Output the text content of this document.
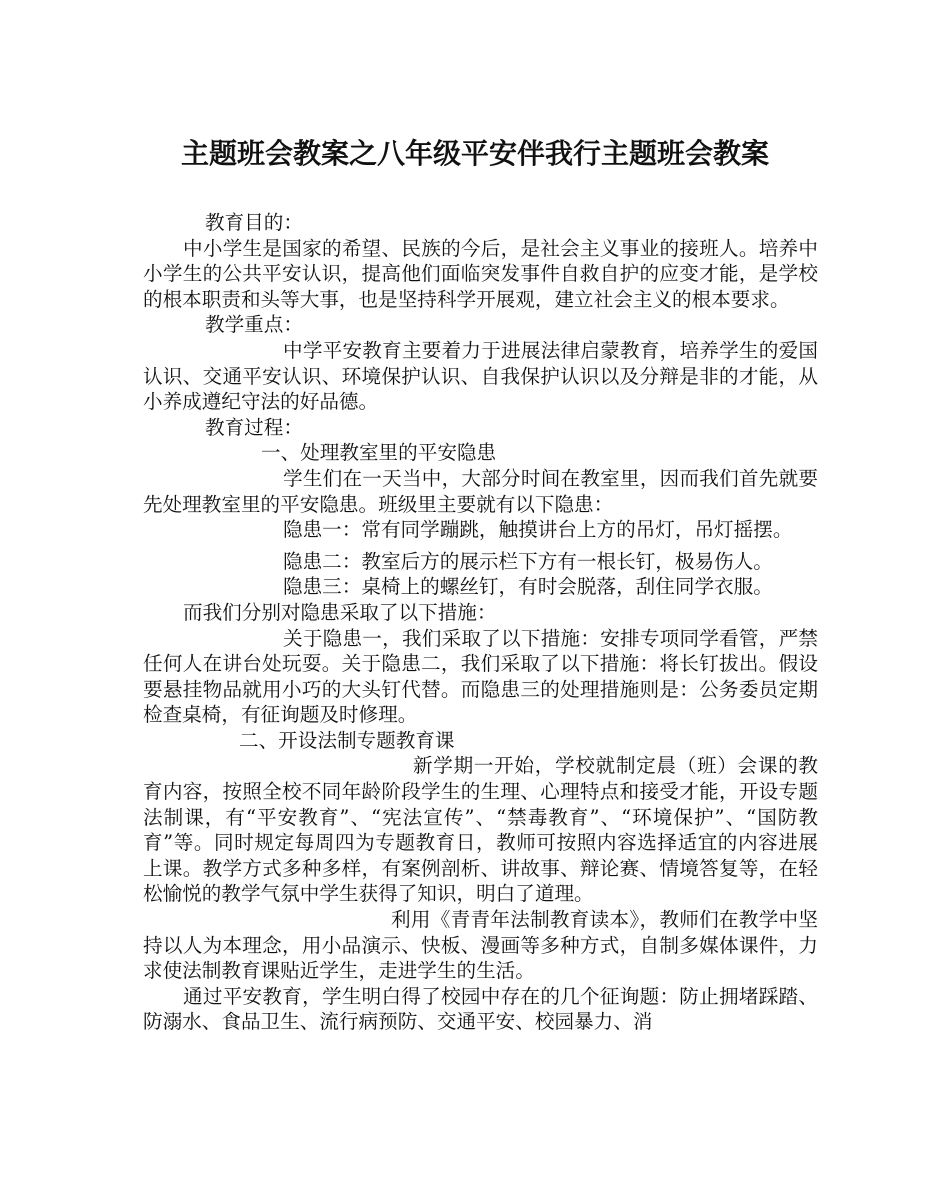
主题班会教案之八年级平安伴我行主题班会教案

教育目的：

中小学生是国家的希望、民族的今后，是社会主义事业的接班人。培养中小学生的公共平安认识，提高他们面临突发事件自救自护的应变才能，是学校的根本职责和头等大事，也是坚持科学开展观，建立社会主义的根本要求。

教学重点：

中学平安教育主要着力于进展法律启蒙教育，培养学生的爱国认识、交通平安认识、环境保护认识、自我保护认识以及分辩是非的才能，从小养成遵纪守法的好品德。

教育过程：

一、处理教室里的平安隐患

学生们在一天当中，大部分时间在教室里，因而我们首先就要先处理教室里的平安隐患。班级里主要就有以下隐患：

隐患一：常有同学蹦跳，触摸讲台上方的吊灯，吊灯摇摆。

隐患二：教室后方的展示栏下方有一根长钉，极易伤人。

隐患三：桌椅上的螺丝钉，有时会脱落，刮住同学衣服。

而我们分别对隐患采取了以下措施：

关于隐患一，我们采取了以下措施：安排专项同学看管，严禁任何人在讲台处玩耍。关于隐患二，我们采取了以下措施：将长钉拔出。假设要悬挂物品就用小巧的大头钉代替。而隐患三的处理措施则是：公务委员定期检查桌椅，有征询题及时修理。

二、开设法制专题教育课

新学期一开始，学校就制定晨（班）会课的教育内容，按照全校不同年龄阶段学生的生理、心理特点和接受才能，开设专题法制课，有“平安教育”、“宪法宣传”、“禁毒教育”、“环境保护”、“国防教育”等。同时规定每周四为专题教育日，教师可按照内容选择适宜的内容进展上课。教学方式多种多样，有案例剖析、讲故事、辩论赛、情境答复等，在轻松愉悦的教学气氛中学生获得了知识，明白了道理。

利用《青青年法制教育读本》，教师们在教学中坚持以人为本理念，用小品演示、快板、漫画等多种方式，自制多媒体课件，力求使法制教育课贴近学生，走进学生的生活。

通过平安教育，学生明白得了校园中存在的几个征询题：防止拥堵踩踏、防溺水、食品卫生、流行病预防、交通平安、校园暴力、消
